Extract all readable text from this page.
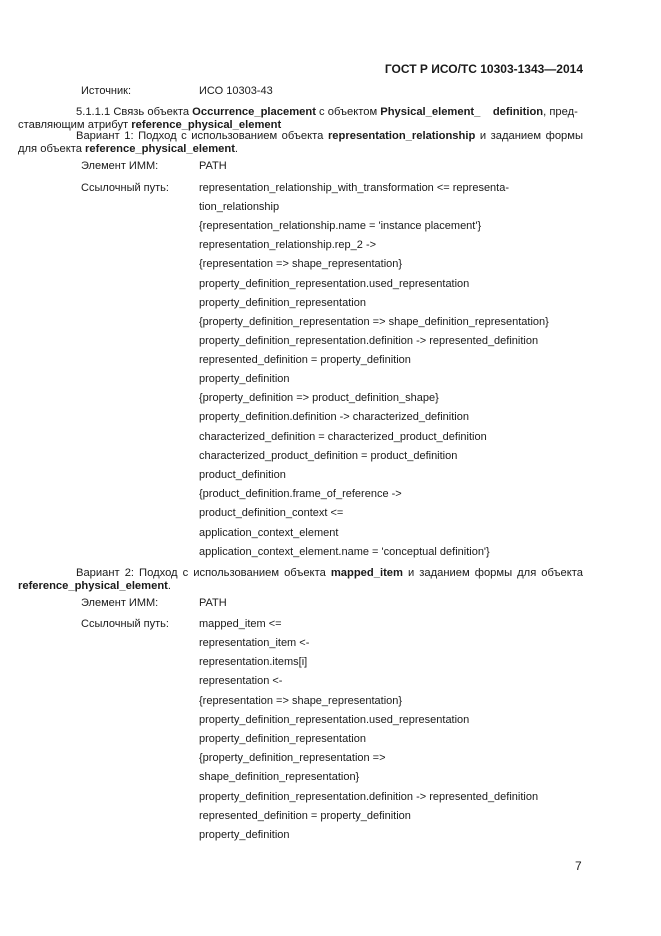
ГОСТ Р ИСО/ТС 10303-1343—2014
Источник:	ИСО 10303-43
5.1.1.1 Связь объекта Occurrence_placement с объектом Physical_element_ definition, пред-
ставляющим атрибут reference_physical_element
Вариант 1: Подход с использованием объекта representation_relationship и заданием формы
для объекта reference_physical_element.
Элемент ИММ:	PATH
Ссылочный путь:	representation_relationship_with_transformation <= representa-
tion_relationship
{representation_relationship.name = 'instance placement'}
representation_relationship.rep_2 ->
{representation => shape_representation}
property_definition_representation.used_representation
property_definition_representation
{property_definition_representation => shape_definition_representation}
property_definition_representation.definition -> represented_definition
represented_definition = property_definition
property_definition
{property_definition => product_definition_shape}
property_definition.definition -> characterized_definition
characterized_definition = characterized_product_definition
characterized_product_definition = product_definition
product_definition
{product_definition.frame_of_reference ->
product_definition_context <=
application_context_element
application_context_element.name = 'conceptual definition'}
Вариант 2: Подход с использованием объекта mapped_item и заданием формы для объекта
reference_physical_element.
Элемент ИММ:	PATH
Ссылочный путь:	mapped_item <=
representation_item <-
representation.items[i]
representation <-
{representation => shape_representation}
property_definition_representation.used_representation
property_definition_representation
{property_definition_representation =>
shape_definition_representation}
property_definition_representation.definition -> represented_definition
represented_definition = property_definition
property_definition
7
